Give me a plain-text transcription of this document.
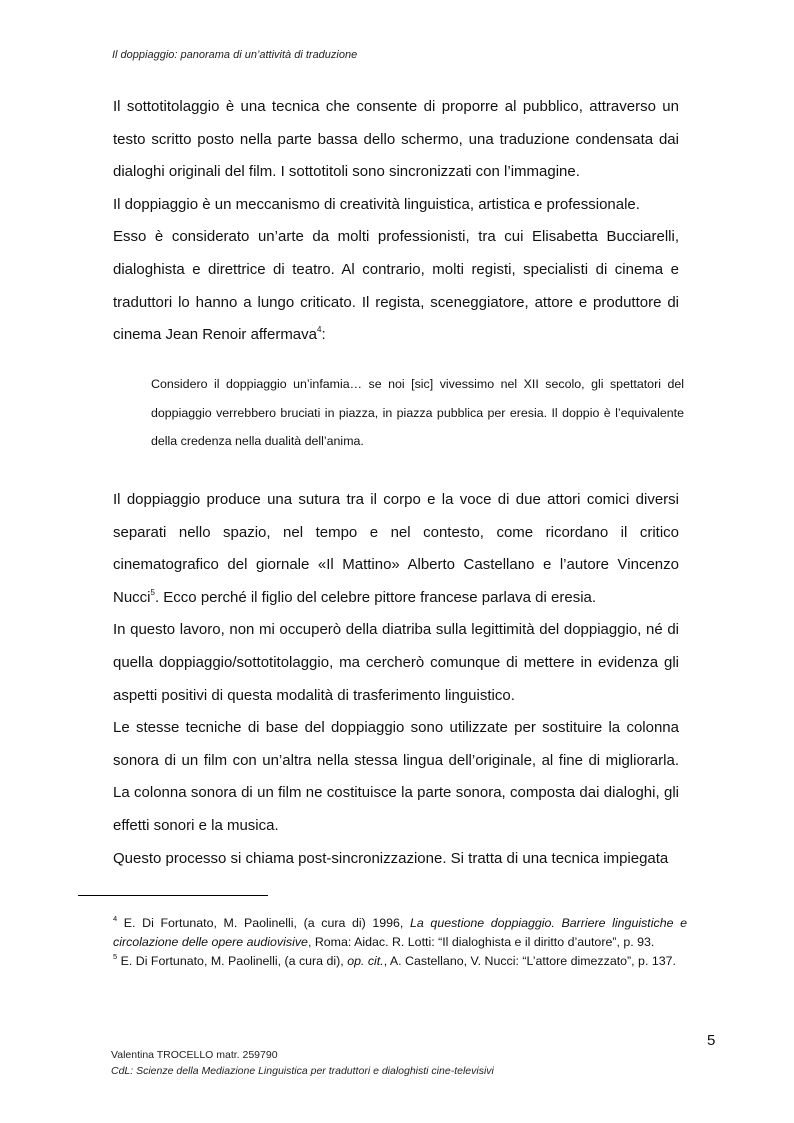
Il doppiaggio: panorama di un’attività di traduzione

Il sottotitolaggio è una tecnica che consente di proporre al pubblico, attraverso un testo scritto posto nella parte bassa dello schermo, una traduzione condensata dai dialoghi originali del film. I sottotitoli sono sincronizzati con l’immagine.

Il doppiaggio è un meccanismo di creatività linguistica, artistica e professionale.

Esso è considerato un’arte da molti professionisti, tra cui Elisabetta Bucciarelli, dialoghista e direttrice di teatro. Al contrario, molti registi, specialisti di cinema e traduttori lo hanno a lungo criticato. Il regista, sceneggiatore, attore e produttore di cinema Jean Renoir affermava$^4$:

Considero il doppiaggio un’infamia… se noi [sic] vivessimo nel XII secolo, gli spettatori del doppiaggio verrebbero bruciati in piazza, in piazza pubblica per eresia. Il doppio è l’equivalente della credenza nella dualità dell’anima.

Il doppiaggio produce una sutura tra il corpo e la voce di due attori comici diversi separati nello spazio, nel tempo e nel contesto, come ricordano il critico cinematografico del giornale «Il Mattino» Alberto Castellano e l’autore Vincenzo Nucci$^5$. Ecco perché il figlio del celebre pittore francese parlava di eresia.

In questo lavoro, non mi occuperò della diatriba sulla legittimità del doppiaggio, né di quella doppiaggio/sottotitolaggio, ma cercherò comunque di mettere in evidenza gli aspetti positivi di questa modalità di trasferimento linguistico.

Le stesse tecniche di base del doppiaggio sono utilizzate per sostituire la colonna sonora di un film con un’altra nella stessa lingua dell’originale, al fine di migliorarla. La colonna sonora di un film ne costituisce la parte sonora, composta dai dialoghi, gli effetti sonori e la musica.

Questo processo si chiama post-sincronizzazione. Si tratta di una tecnica impiegata

$^4$ E. Di Fortunato, M. Paolinelli, (a cura di) 1996, La questione doppiaggio. Barriere linguistiche e circolazione delle opere audiovisive, Roma: Aidac. R. Lotti: “Il dialoghista e il diritto d’autore”, p. 93.

$^5$ E. Di Fortunato, M. Paolinelli, (a cura di), op. cit., A. Castellano, V. Nucci: “L’attore dimezzato”, p. 137.

5
Valentina TROCELLO matr. 259790
CdL: Scienze della Mediazione Linguistica per traduttori e dialoghisti cine-televisivi
